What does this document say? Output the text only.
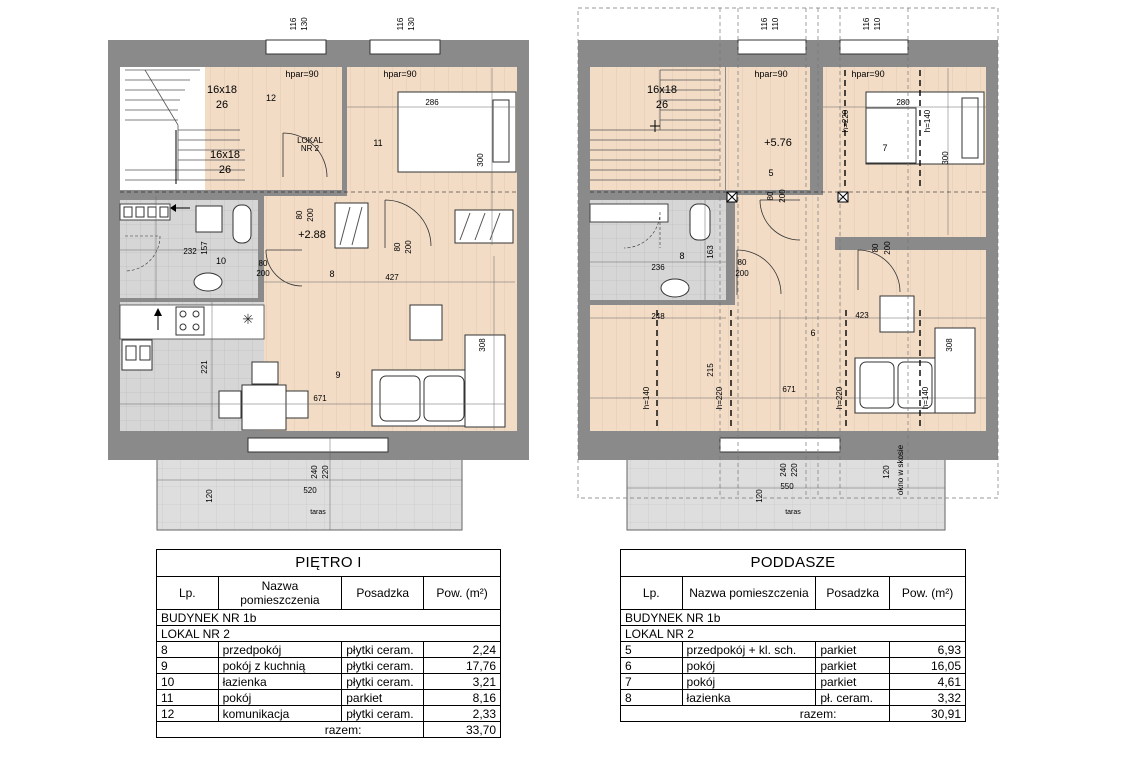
✳
16x18
26
16x18
26
LOKAL
NR 2
+2.88
hpar=90	hpar=90
8
9
10
11
12	286
300
427
308
671
232 157
221
80 200
80 200
80
200
240 220
520
120
116 130	116 130
taras
16x18
26
+5.76
hpar=90	hpar=90
5
6
7
8
280
300
236
163
248	423
308
215
671
550
120
80 200
80 200
80
200
240 220	120 okno w skosie
116 110	116 110
h=140	h=220	h=220	h=140
h=220	h=140
taras
PIĘTRO I			
Lp.	Nazwa pomieszczenia	Posadzka	Pow. (m²)
BUDYNEK NR 1b			
LOKAL NR 2			
8	przedpokój	płytki ceram.	2,24
9	pokój z kuchnią	płytki ceram.	17,76
10	łazienka	płytki ceram.	3,21
11	pokój	parkiet	8,16
12	komunikacja	płytki ceram.	2,33
razem:			33,70
PODDASZE			
Lp.	Nazwa pomieszczenia	Posadzka	Pow. (m²)
BUDYNEK NR 1b			
LOKAL NR 2			
5	przedpokój + kl. sch.	parkiet	6,93
6	pokój	parkiet	16,05
7	pokój	parkiet	4,61
8	łazienka	pł. ceram.	3,32
razem:			30,91
